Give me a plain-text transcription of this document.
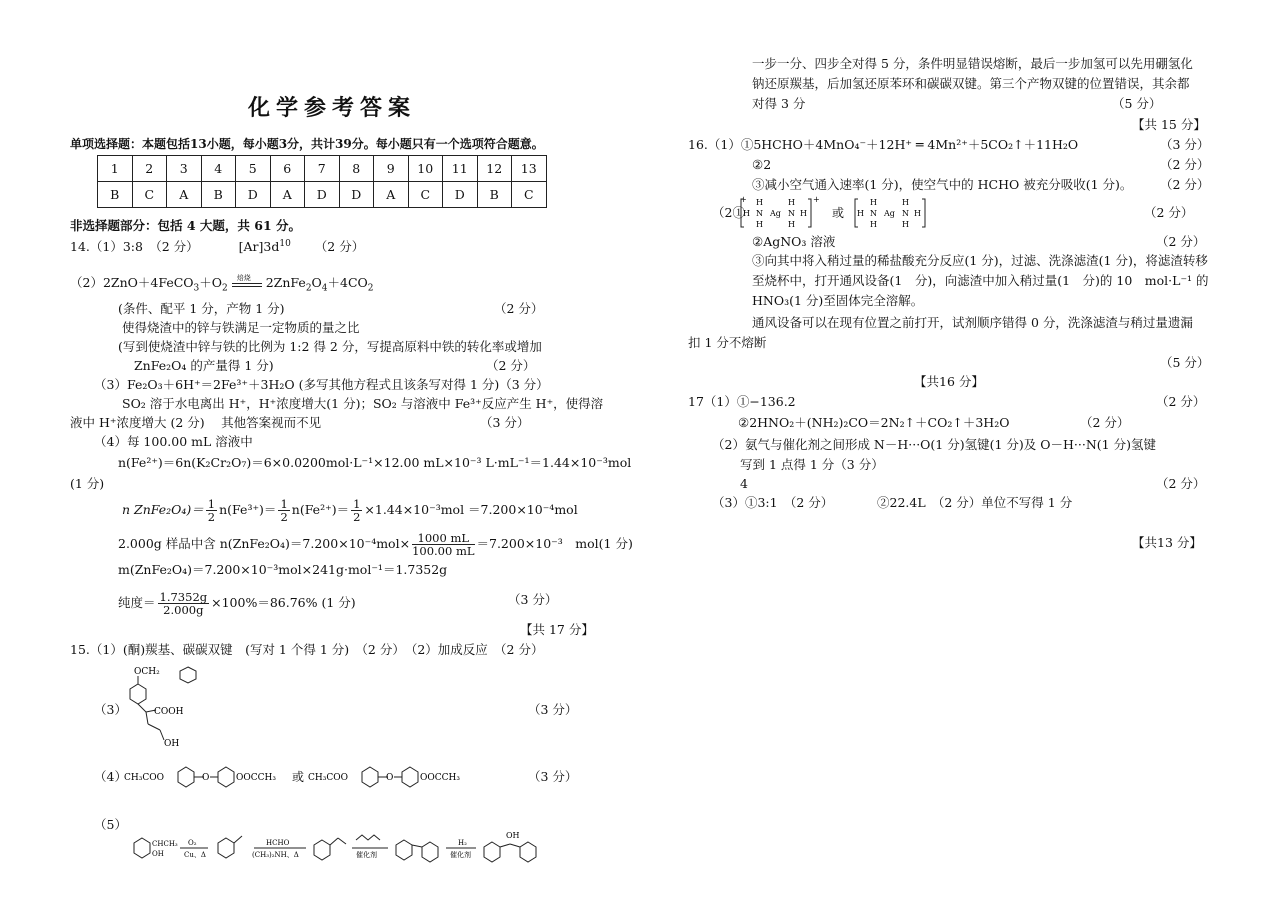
化学参考答案
单项选择题：本题包括13小题，每小题3分，共计39分。每小题只有一个选项符合题意。
1	2	3	4	5	6	7	8	9	10	11	12	13
B	C	A	B	D	A	D	D	A	C	D	B	C
非选择题部分：包括 4 大题，共 61 分。
14.（1）3:8　（2 分）	$[Ar]3d^{10}$ （2 分）
$(2)2ZnO+4FeCO_3+O_2$
焙烧 $2ZnFe_2O_4+4CO_2$
(条件、配平 1 分，产物 1 分)	（2 分）
使得烧渣中的锌与铁满足一定物质的量之比
(写到使烧渣中锌与铁的比例为 1:2 得 2 分，写提高原料中铁的转化率或增加
ZnFe₂O₄ 的产量得 1 分)	（2 分）
（3）Fe₂O₃＋6H⁺＝2Fe³⁺＋3H₂O (多写其他方程式且该条写对得 1 分)（3 分）
SO₂ 溶于水电离出 H⁺，H⁺浓度增大(1 分)；SO₂ 与溶液中 Fe³⁺反应产生 H⁺，使得溶
液中 H⁺浓度增大 (2 分)　 其他答案视而不见	（3 分）
（4）每 100.00 mL 溶液中
n(Fe²⁺)＝6n(K₂Cr₂O₇)＝6×0.0200mol·L⁻¹×12.00 mL×10⁻³ L·mL⁻¹＝1.44×10⁻³mol
(1 分)
n ZnFe₂O₄)＝ $\frac{1}{2} n(Fe^{3+})= \frac{1}{2} n(Fe^{2+})= \frac{1}{2} \times 1.44\times 10^{-3}mol =7.200\times 10^{-4}mol$
2.000g 样品中含 n(ZnFe₂O₄)＝7.200×10⁻⁴mol× $\frac{1000 mL}{100.00 mL} =7.200\times 10^{-3}$　mol(1 分)
m(ZnFe₂O₄)＝7.200×10⁻³mol×241g·mol⁻¹＝1.7352g
纯度＝ $\frac{1.7352g}{2.000g} \times 100\%=86.76\%$ (1 分)	（3 分）
【共 17 分】
15.（1）(酮)羰基、碳碳双键　(写对 1 个得 1 分)　（2 分）　（2）加成反应　（2 分）
（3）	（3 分）
OCH₂
COOH
OH
（4）	（3 分）
CH₃COO	O	OOCCH₃ 或 CH₃COO	O	OOCCH₃
（5）
CHCH₃
OH
O₂
Cu、Δ
HCHO
(CH₃)₂NH、Δ	催化剂
H₂
催化剂
OH
一步一分、四步全对得 5 分，条件明显错误熔断，最后一步加氢可以先用硼氢化
钠还原羰基，后加氢还原苯环和碳碳双键。第三个产物双键的位置错误，其余都
对得 3 分	（5 分）
【共 15 分】
16.（1）①5HCHO＋4MnO₄⁻＋12H⁺ ═ 4Mn²⁺＋5CO₂↑＋11H₂O	（3 分）
②2	（2 分）
③减小空气通入速率(1 分)，使空气中的 HCHO 被充分吸收(1 分)。 （2 分）
（2①
+
H N
H
H
Ag N
H
H
H
+
或 H N
H
H
Ag N
H
H
H	（2 分）
②AgNO₃ 溶液	（2 分）
③向其中将入稍过量的稀盐酸充分反应(1 分)，过滤、洗涤滤渣(1 分)，将滤渣转移
至烧杯中，打开通风设备(1　分)，向滤渣中加入稍过量(1　分)的 10　mol·L⁻¹ 的
HNO₃(1 分)至固体完全溶解。
通风设备可以在现有位置之前打开，试剂顺序错得 0 分，洗涤滤渣与稍过量遗漏
扣 1 分不熔断
（5 分）
【共16 分】
17（1）①−136.2	（2 分）
②2HNO₂＋(NH₂)₂CO＝2N₂↑＋CO₂↑＋3H₂O	（2 分）
（2）氨气与催化剂之间形成 N－H···O(1 分)氢键(1 分)及 O－H···N(1 分)氢键
写到 1 点得 1 分（3 分）
4	（2 分）
（3）①3:1　（2 分）　　　　②22.4L　（2 分）单位不写得 1 分
【共13 分】
